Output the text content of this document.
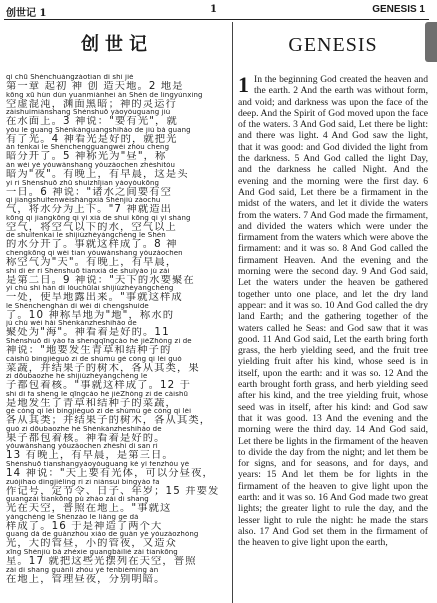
创世记 1	1	GENESIS 1
创世记
qǐ chū Shénchuàngzàotiān dì shì jiè
第一章 起初 神 创 造天地。2 地是
kōng xū hùn dùn yuānmiànhēi àn Shén de língyùnxíng
空虚混沌，渊面黑暗；神的灵运行
zàishuǐmiànshang Shénshuō yàoyǒuguāng jiù
在水面上。3 神说："要有光"，就
yǒu le guāng Shénkànguāngshìhǎo de jiù bǎ guāng
有了光。4 神看光是好的，就把光
àn fēnkāi le Shénchēngguāngwéi zhòu chēng
暗分开了。5 神称光为"昼"，称
àn wéi yè yǒuwǎnshang yǒuzǎochen zhèshìtóu
暗为"夜"。有晚上，有早晨，这是头
yì rì Shénshuō zhū shuǐzhījiān yàoyǒukōng
一日。6 神说："诸水之间要有空
qì jiāngshuǐfēnwéishàngxià Shénjiù zàochu
气，将水分为上下。"7 神就造出
kōng qì jiāngkōng qì yǐ xià de shuǐ kōng qì yǐ shàng
空气，将空气以下的水，空气以上
de shuǐfēnkāi le shìjiùzhèyàngchéng le Shén
的水分开了。事就这样成了。8 神
chēngkōng qì wéi tiān yǒuwǎnshang yǒuzǎochen
称空气为"天"。有晚上，有早晨，
shì dì èr rì Shénshuō tiānxià de shuǐyào jù zài
是第二日。9 神说："天下的水要聚在
yí chù shǐ hàn dì lòuchūlai shìjiùzhèyàngchéng
一处，使旱地露出来。"事就这样成
le Shénchēnghàn dì wéi dì chēngshuǐde
了。10 神称旱地为"地"，称水的
jù chù wéi hǎi Shénkànzheshìhǎo de
聚处为"海"。神看着是好的。11
Shénshuō dì yào fā shēngqīngcǎo hé jiéZhǒng zi de
神说："地要发生青草和结种子的
càishū bìngjiéguǒ zi de shùmù gè cóng qí lèi guǒ
菜蔬，并结果子的树木，各从其类，果
zi dōubāozhe hé shìjiùzhèyàngchéng le
子都包着核。"事就这样成了。12 于
shì dì fā shēng le qīngcǎo hé jiéZhǒng zi de càishū
是地发生了青草和结种子的菜蔬，
gè cóng qí lèi bìngjiéguǒ zi de shùmù gè cóng qí lèi
各从其类；并结果子的树木，各从其类，
guǒ zi dōubāozhe hé Shénkànzheshìhǎo de
果子都包着核。神看着是好的。
yǒuwǎnshang yǒuzǎochen zhèshì dì sān rì
13 有晚上，有早晨，是第三日。
Shénshuō tiānshangyàoyǒuguāng kě yǐ fēnzhòu yè
14 神说："天上要有光体，可以分昼夜，
zuòjìhao dìngjiélìng rì zi niánsuì bìngyào fā
作记号，定节令、日子、年岁；15 并要发
guāngzài tiānkōng pǔ zhào zài dì shang
光在天空，普照在地上。"事就这
yàngchéng le Shénzào le liǎng ge dà
样成了。16 于是神造了两个大
guāng dà de guǎnzhòu xiǎo de guǎn yè yòuzàozhòng
光，大的管昼，小的管夜，又造众
xīng Shénjiù bǎ zhèxiē guāngbǎiliè zài tiānkōng
星。17 就把这些光摆列在天空，普照
zài dì shang guǎnlǐ zhòu yè fēnbiémíng àn
在地上，管理昼夜，分别明暗。
GENESIS
1 In the beginning God created the heaven and the earth. 2 And the earth was without form, and void; and darkness was upon the face of the deep. And the Spirit of God moved upon the face of the waters. 3 And God said, Let there be light: and there was light. 4 And God saw the light, that it was good: and God divided the light from the darkness. 5 And God called the light Day, and the darkness he called Night. And the evening and the morning were the first day. 6 And God said, Let there be a firmament in the midst of the waters, and let it divide the waters from the waters. 7 And God made the firmament, and divided the waters which were under the firmament from the waters which were above the firmament: and it was so. 8 And God called the firmament Heaven. And the evening and the morning were the second day. 9 And God said, Let the waters under the heaven be gathered together unto one place, and let the dry land appear: and it was so. 10 And God called the dry land Earth; and the gathering together of the waters called he Seas: and God saw that it was good. 11 And God said, Let the earth bring forth grass, the herb yielding seed, and the fruit tree yielding fruit after his kind, whose seed is in itself, upon the earth: and it was so. 12 And the earth brought forth grass, and herb yielding seed after his kind, and the tree yielding fruit, whose seed was in itself, after his kind: and God saw that it was good. 13 And the evening and the morning were the third day. 14 And God said, Let there be lights in the firmament of the heaven to divide the day from the night; and let them be for signs, and for seasons, and for days, and years: 15 And let them be for lights in the firmament of the heaven to give light upon the earth: and it was so. 16 And God made two great lights; the greater light to rule the day, and the lesser light to rule the night: he made the stars also. 17 And God set them in the firmament of the heaven to give light upon the earth,
